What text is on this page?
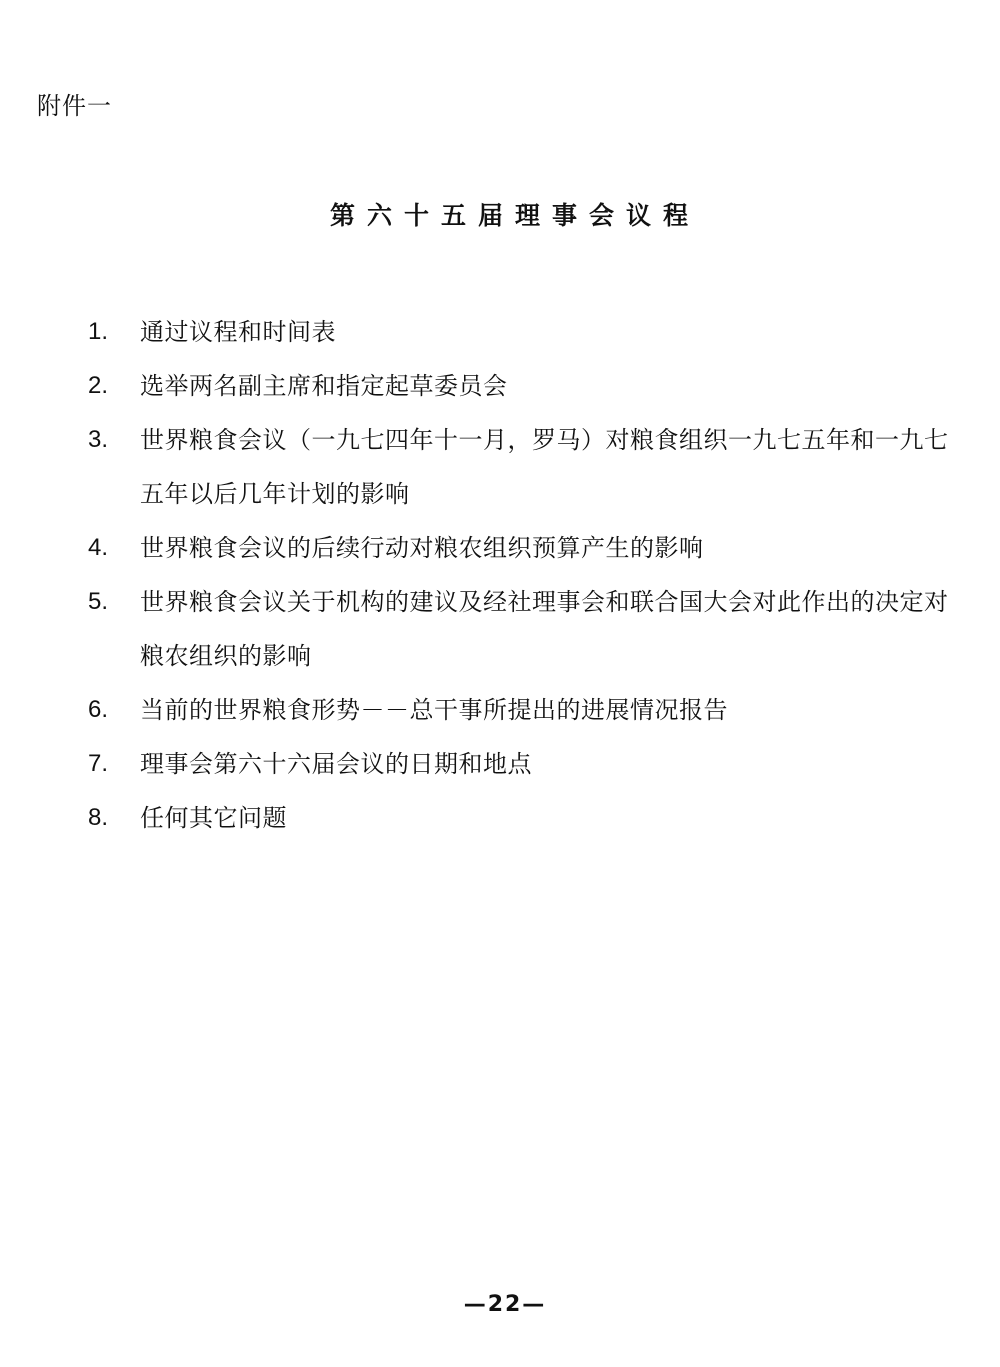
附件一
第六十五届理事会议程
1.	通过议程和时间表
2.	选举两名副主席和指定起草委员会
3.	世界粮食会议（一九七四年十一月，罗马）对粮食组织一九七五年和一九七五年以后几年计划的影响
4.	世界粮食会议的后续行动对粮农组织预算产生的影响
5.	世界粮食会议关于机构的建议及经社理事会和联合国大会对此作出的决定对粮农组织的影响
6.	当前的世界粮食形势－－总干事所提出的进展情况报告
7.	理事会第六十六届会议的日期和地点
8.	任何其它问题
—22—
